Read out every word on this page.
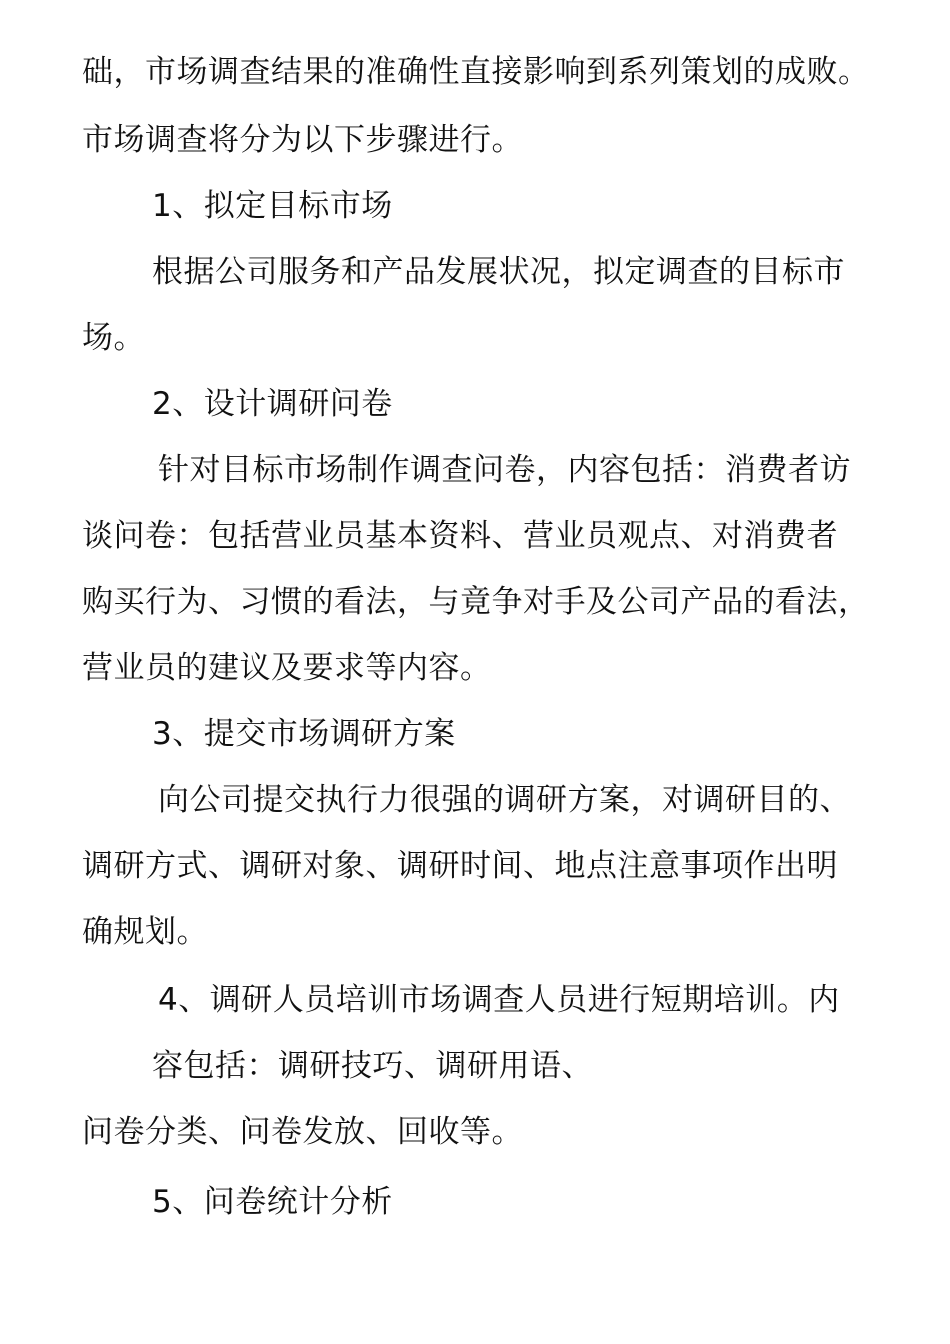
础，市场调查结果的准确性直接影响到系列策划的成败。
市场调查将分为以下步骤进行。
1、拟定目标市场
根据公司服务和产品发展状况，拟定调查的目标市
场。
2、设计调研问卷
针对目标市场制作调查问卷，内容包括：消费者访
谈问卷：包括营业员基本资料、营业员观点、对消费者
购买行为、习惯的看法，与竟争对手及公司产品的看法，
营业员的建议及要求等内容。
3、提交市场调研方案
向公司提交执行力很强的调研方案，对调研目的、
调研方式、调研对象、调研时间、地点注意事项作出明
确规划。
4、调研人员培训市场调查人员进行短期培训。内
容包括：调研技巧、调研用语、
问卷分类、问卷发放、回收等。
5、问卷统计分析
